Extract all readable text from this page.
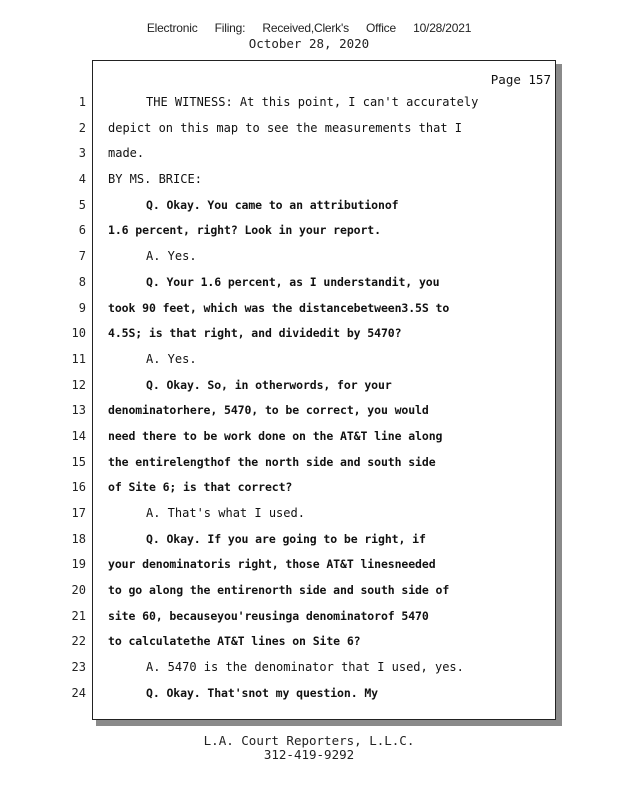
Electronic Filing: Received,Clerk's Office 10/28/2021
October 28, 2020
Page 157
1	THE WITNESS: At this point, I can't accurately
2 depict on this map to see the measurements that I
3 made.
4 BY MS. BRICE:
5	Q. Okay. You came to an attributionof
6 1.6 percent, right? Look in your report.
7	A. Yes.
8	Q. Your 1.6 percent, as I understandit, you
9 took 90 feet, which was the distancebetween3.5S to
10 4.5S; is that right, and dividedit by 5470?
11	A. Yes.
12	Q. Okay. So, in otherwords, for your
13 denominatorhere, 5470, to be correct, you would
14 need there to be work done on the AT&T line along
15 the entirelengthof the north side and south side
16 of Site 6; is that correct?
17	A. That's what I used.
18	Q. Okay. If you are going to be right, if
19 your denominatoris right, those AT&T linesneeded
20 to go along the entirenorth side and south side of
21 site 60, becauseyou'reusinga denominatorof 5470
22 to calculatethe AT&T lines on Site 6?
23	A. 5470 is the denominator that I used, yes.
24	Q. Okay. That'snot my question. My
L.A. Court Reporters, L.L.C.
312-419-9292
